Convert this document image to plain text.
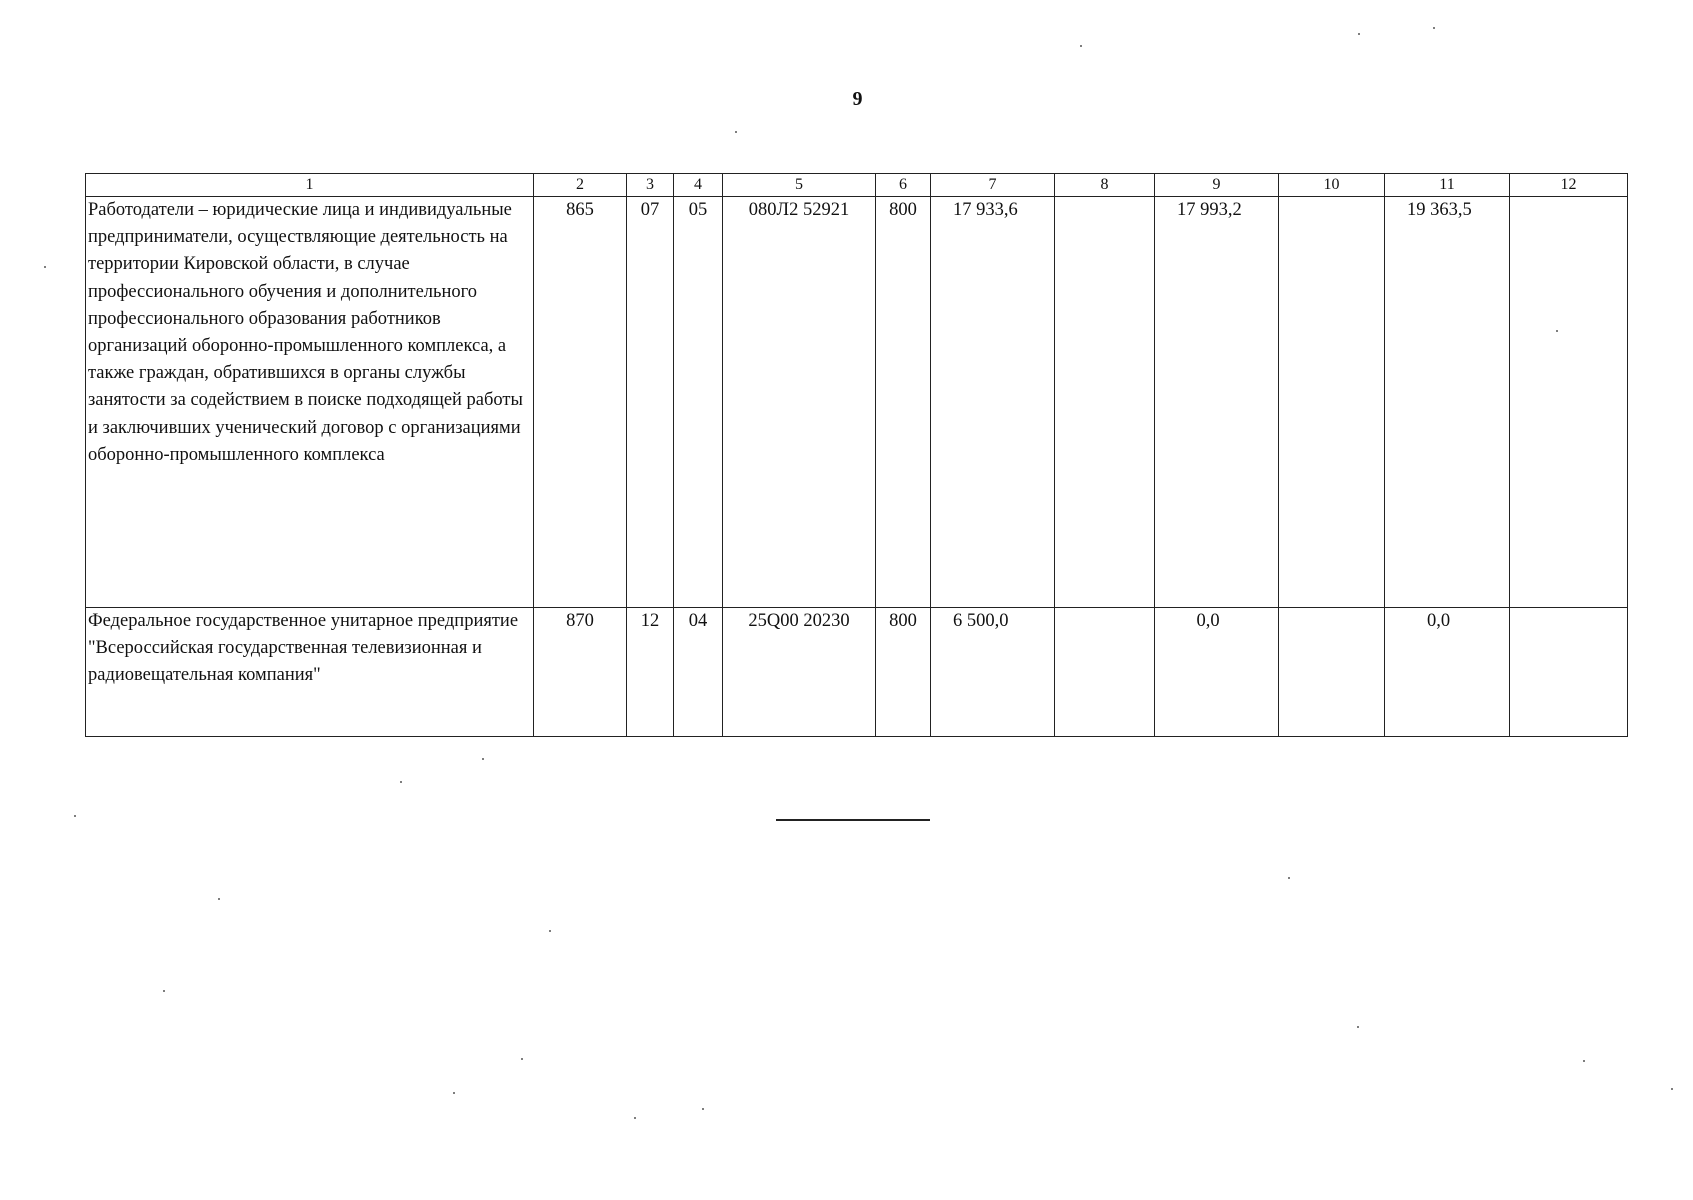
9
1	2	3	4	5	6	7	8	9	10	11	12
Работодатели – юридические лица и индивидуальные предприниматели, осуществляющие деятельность на территории Кировской области, в случае профессионального обучения и дополнительного профессионального образования работников организаций оборонно-промышленного комплекса, а также граждан, обратившихся в органы службы занятости за содействием в поиске подходящей работы и заключивших ученический договор с организациями оборонно-промышленного комплекса	865	07	05	080Л2 52921	800	17 933,6		17 993,2		19 363,5	
Федеральное государственное унитарное предприятие "Всероссийская государственная телевизионная и радиовещательная компания"	870	12	04	25Q00 20230	800	6 500,0		0,0		0,0	
